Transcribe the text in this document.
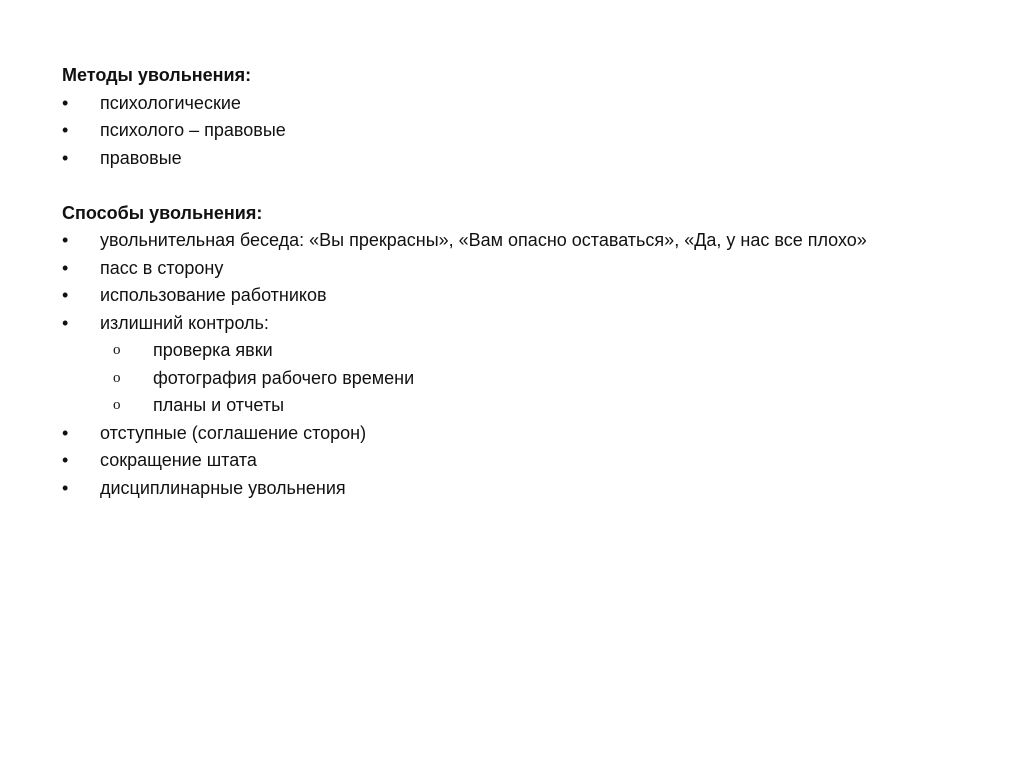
Методы увольнения:
•	психологические
•	психолого – правовые
•	правовые
Способы увольнения:
•	увольнительная беседа: «Вы прекрасны», «Вам опасно оставаться», «Да, у нас все плохо»
•	пасс в сторону
•	использование работников
•	излишний контроль:
o	проверка явки
o	фотография рабочего времени
o	планы и отчеты
•	отступные (соглашение сторон)
•	сокращение штата
•	дисциплинарные увольнения
